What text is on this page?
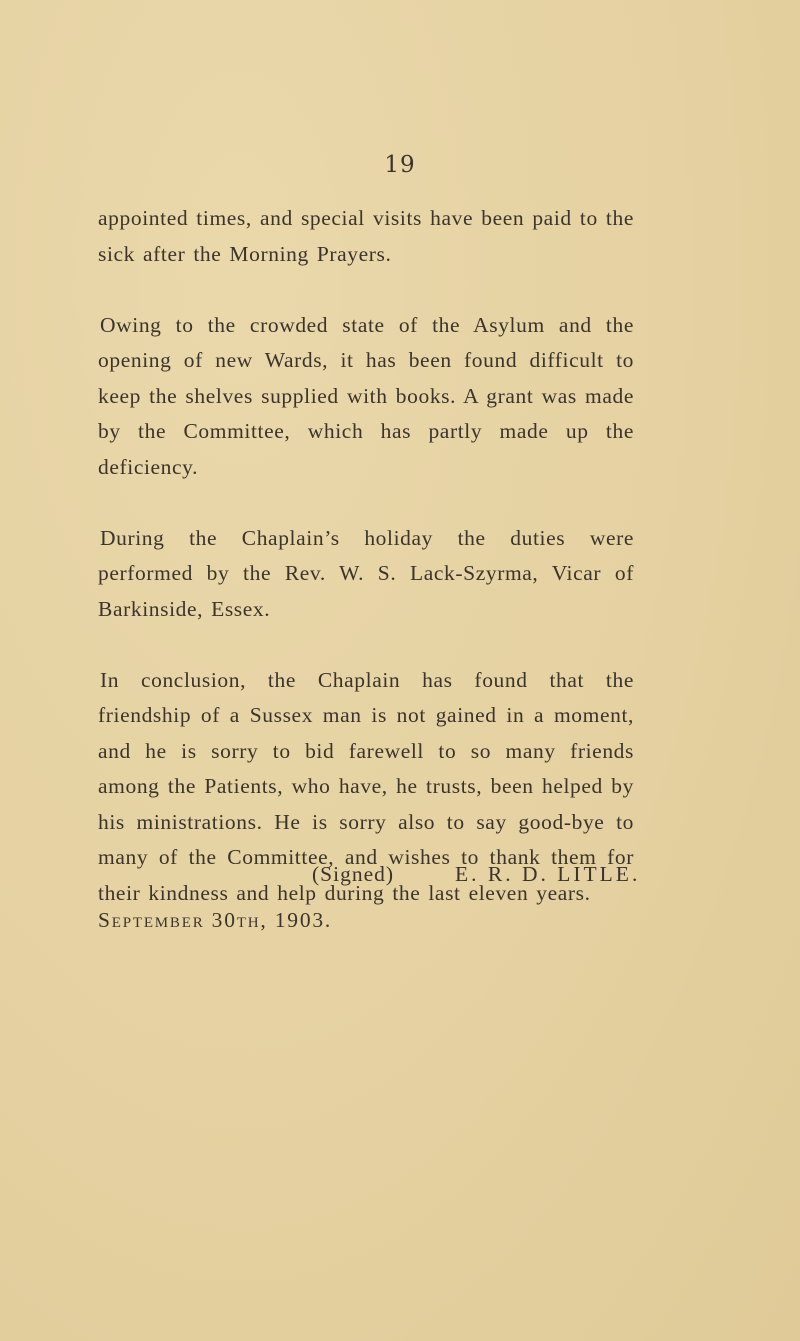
19

appointed times, and special visits have been paid to the sick after the Morning Prayers.

Owing to the crowded state of the Asylum and the opening of new Wards, it has been found difficult to keep the shelves supplied with books. A grant was made by the Committee, which has partly made up the deficiency.

During the Chaplain’s holiday the duties were performed by the Rev. W. S. Lack-Szyrma, Vicar of Barkinside, Essex.

In conclusion, the Chaplain has found that the friendship of a Sussex man is not gained in a moment, and he is sorry to bid farewell to so many friends among the Patients, who have, he trusts, been helped by his ministrations. He is sorry also to say good-bye to many of the Committee, and wishes to thank them for their kindness and help during the last eleven years.

(Signed)	E. R. D. LITLE.
September 30th, 1903.
